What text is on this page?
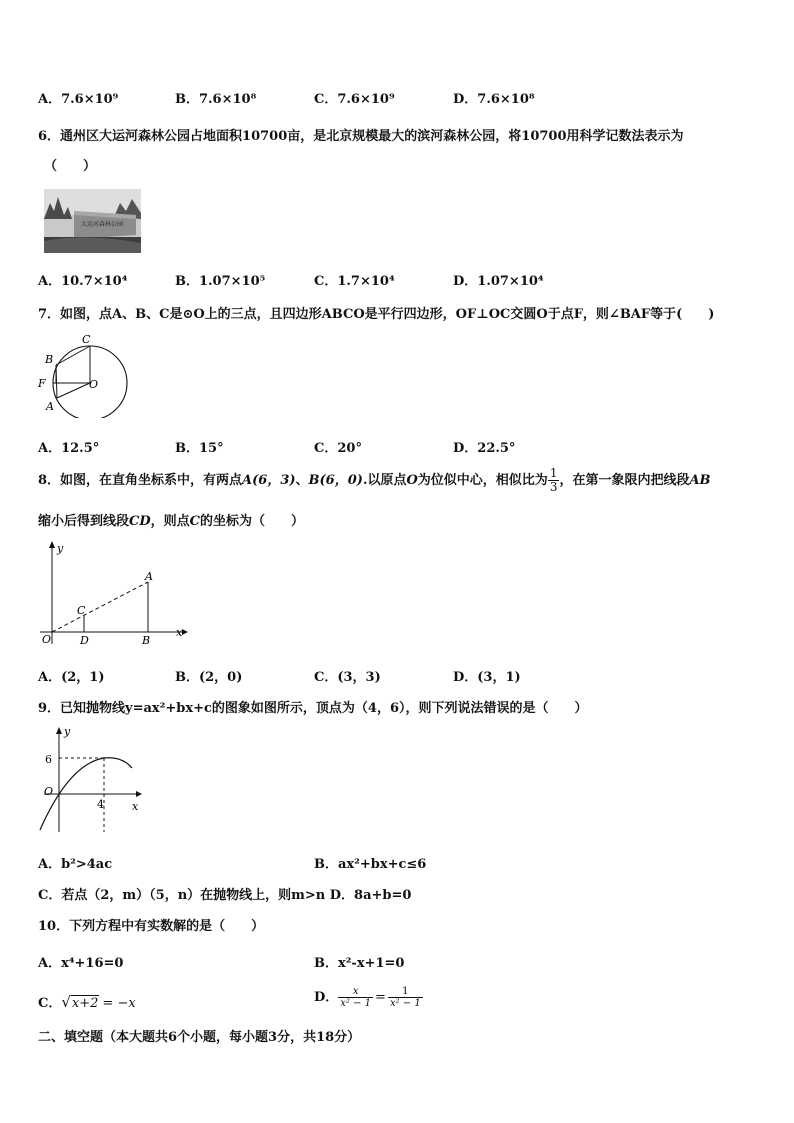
A．7.6×10⁹	B．7.6×10⁸	C．7.6×10⁹	D．7.6×10⁸
6．通州区大运河森林公园占地面积10700亩，是北京规模最大的滨河森林公园，将10700用科学记数法表示为
（　　）
大运河森林公园
A．10.7×10⁴	B．1.07×10⁵	C．1.7×10⁴	D．1.07×10⁴
7．如图，点A、B、C是⊙O上的三点，且四边形ABCO是平行四边形，OF⊥OC交圆O于点F，则∠BAF等于(　　)
C
B
F	O
A
A．12.5°	B．15°	C．20°	D．22.5°
8．如图，在直角坐标系中，有两点A(6，3)、B(6，0).以原点O为位似中心，相似比为 $\frac{1}{3}$ ，在第一象限内把线段AB
缩小后得到线段CD，则点C的坐标为（　　）
y
x
O
A
B
C
D
A．(2，1)	B．(2，0)	C．(3，3)	D．(3，1)
9．已知抛物线y=ax²+bx+c的图象如图所示，顶点为（4，6），则下列说法错误的是（　　）
y
x
O
6
4
A．b²>4ac	B．ax²+bx+c≤6
C．若点（2，m）（5，n）在抛物线上，则m>n D．8a+b=0
10．下列方程中有实数解的是（　　）
A．x⁴+16=0	B．x²-x+1=0
C．√x+2 = −x	D． $\frac{x}{\text{x² − 1}} = \frac{1}{\text{x² − 1}}$
二、填空题（本大题共6个小题，每小题3分，共18分）
